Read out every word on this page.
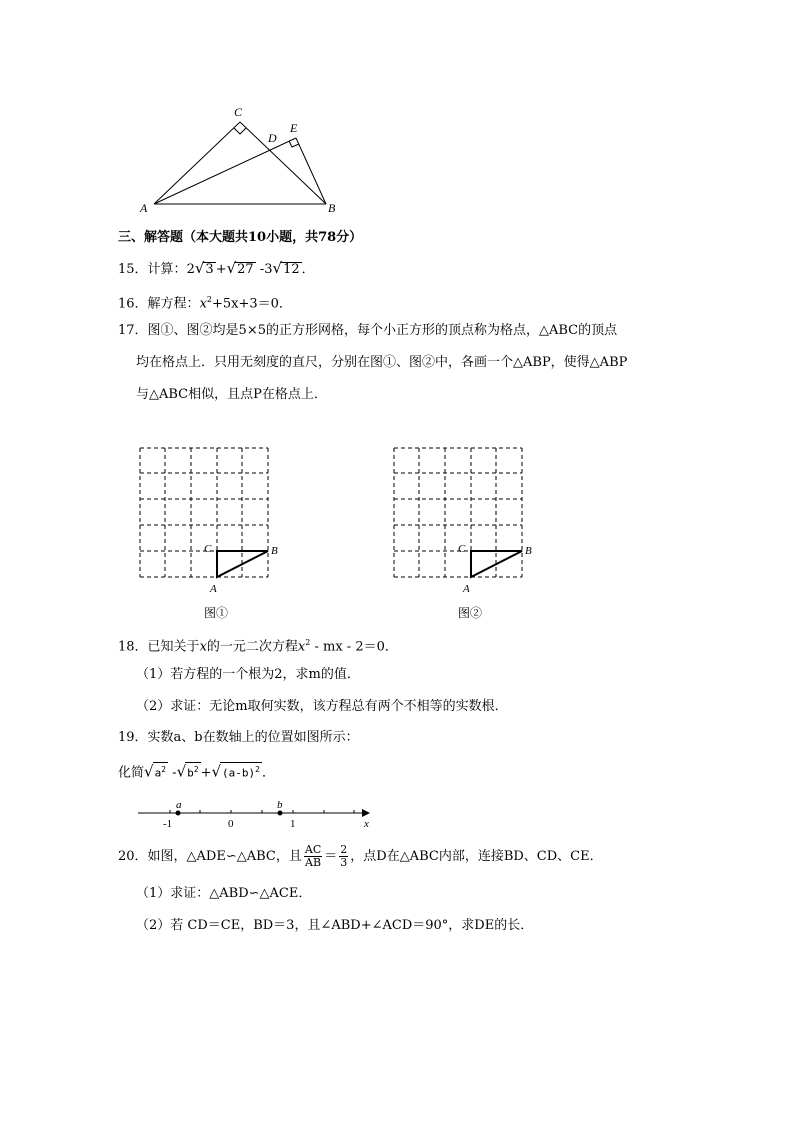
C
D
E
A	B
三、解答题（本大题共10小题，共78分）
15．计算：2√3 +√27 -3√12 ．
16．解方程：$x^2+5x+3=0$．
17．图①、图②均是5×5的正方形网格，每个小正方形的顶点称为格点，△ABC的顶点
均在格点上．只用无刻度的直尺，分别在图①、图②中，各画一个△ABP，使得△ABP
与△ABC相似，且点P在格点上．
C	B
A
图①
C	B
A
图②
18．已知关于x的一元二次方程$x^2$ - mx - 2＝0．
（1）若方程的一个根为2，求m的值．
（2）求证：无论m取何实数，该方程总有两个不相等的实数根．
19．实数a、b在数轴上的位置如图所示：
化简$√a^2$ $-√b^2 +√(a-b)^2$ ．
a	b
-1	0	1	x
20．如图，△ADE∽△ABC，且 $\frac{AC}{AB} = \frac{2}{3}$ ，点D在△ABC内部，连接BD、CD、CE．
（1）求证：△ABD∽△ACE．
（2）若 CD＝CE，BD＝3，且∠ABD+∠ACD＝90°，求DE的长．
